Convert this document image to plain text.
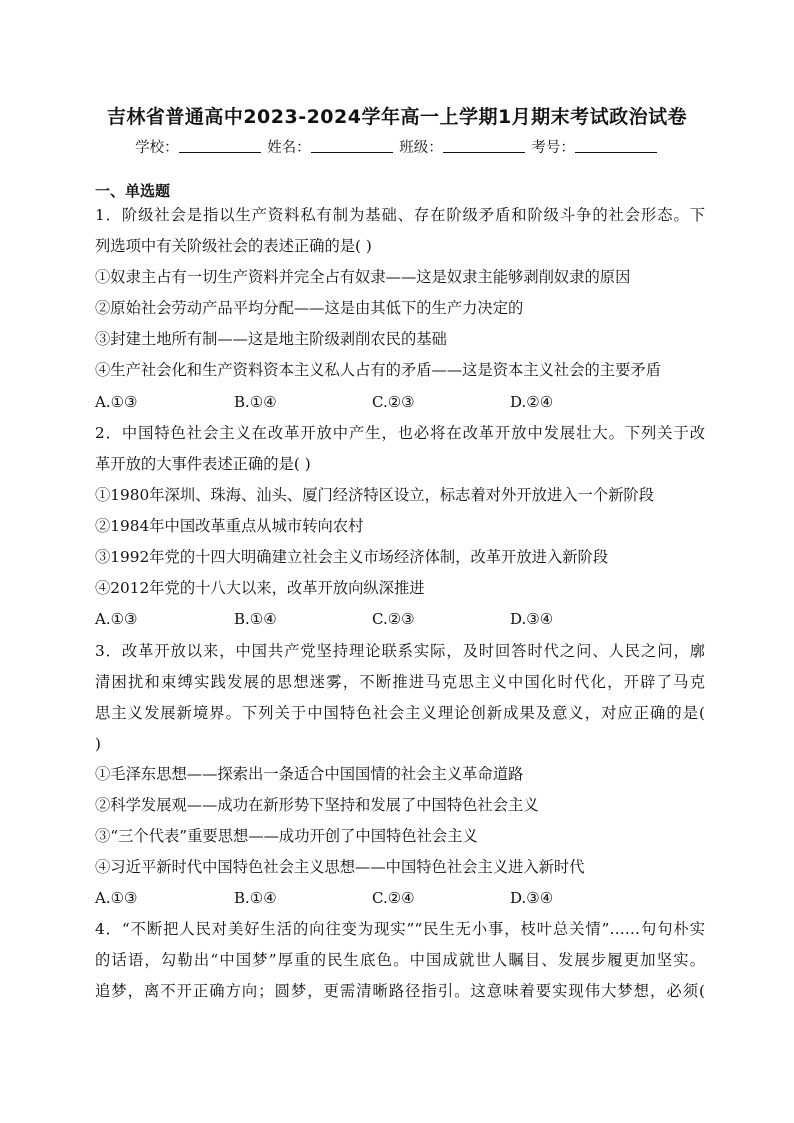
吉林省普通高中2023-2024学年高一上学期1月期末考试政治试卷
学校：	姓名：	班级：	考号：
一、单选题
1．阶级社会是指以生产资料私有制为基础、存在阶级矛盾和阶级斗争的社会形态。下
列选项中有关阶级社会的表述正确的是( )
①奴隶主占有一切生产资料并完全占有奴隶——这是奴隶主能够剥削奴隶的原因
②原始社会劳动产品平均分配——这是由其低下的生产力决定的
③封建土地所有制——这是地主阶级剥削农民的基础
④生产社会化和生产资料资本主义私人占有的矛盾——这是资本主义社会的主要矛盾
A.①③	B.①④	C.②③	D.②④
2．中国特色社会主义在改革开放中产生，也必将在改革开放中发展壮大。下列关于改
革开放的大事件表述正确的是( )
①1980年深圳、珠海、汕头、厦门经济特区设立，标志着对外开放进入一个新阶段
②1984年中国改革重点从城市转向农村
③1992年党的十四大明确建立社会主义市场经济体制，改革开放进入新阶段
④2012年党的十八大以来，改革开放向纵深推进
A.①③	B.①④	C.②③	D.③④
3．改革开放以来，中国共产党坚持理论联系实际，及时回答时代之问、人民之问，廓
清困扰和束缚实践发展的思想迷雾，不断推进马克思主义中国化时代化，开辟了马克
思主义发展新境界。下列关于中国特色社会主义理论创新成果及意义，对应正确的是(
)
①毛泽东思想——探索出一条适合中国国情的社会主义革命道路
②科学发展观——成功在新形势下坚持和发展了中国特色社会主义
③“三个代表”重要思想——成功开创了中国特色社会主义
④习近平新时代中国特色社会主义思想——中国特色社会主义进入新时代
A.①③	B.①④	C.②④	D.③④
4．“不断把人民对美好生活的向往变为现实”“民生无小事，枝叶总关情”……句句朴实
的话语，勾勒出“中国梦”厚重的民生底色。中国成就世人瞩目、发展步履更加坚实。
追梦，离不开正确方向；圆梦，更需清晰路径指引。这意味着要实现伟大梦想，必须(
